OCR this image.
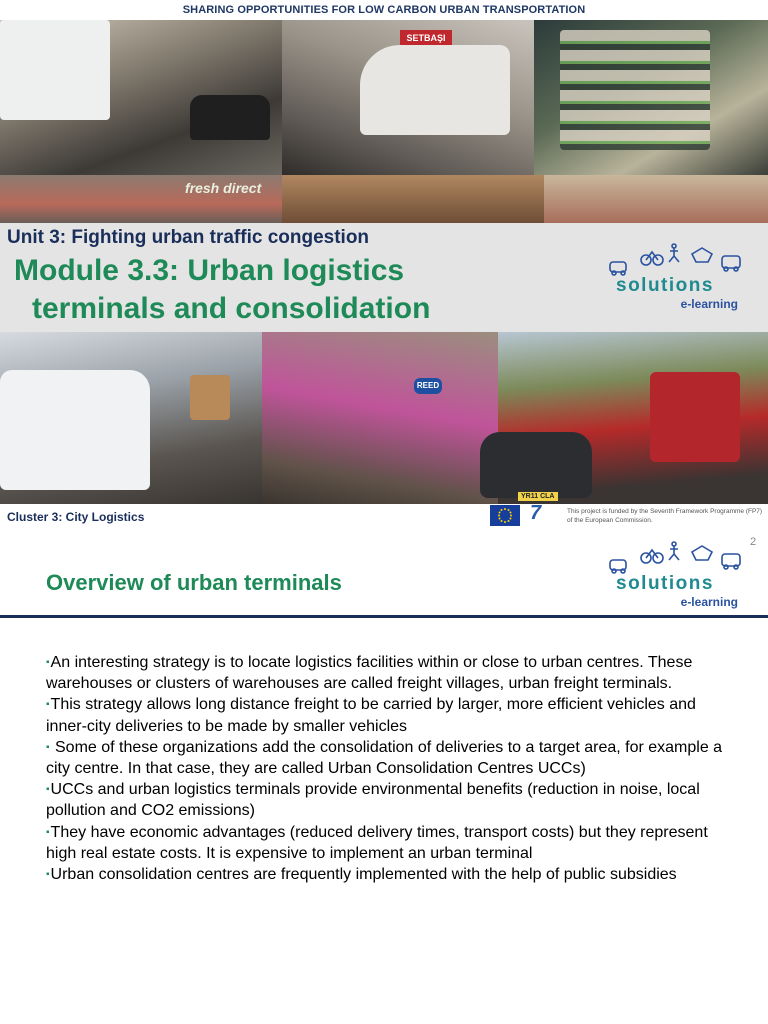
SHARING OPPORTUNITIES FOR LOW CARBON URBAN TRANSPORTATION
SETBAŞI
fresh direct
REED
YR11 CLA
Unit 3: Fighting urban traffic congestion
Module 3.3: Urban logistics
terminals and consolidation
solutions
e-learning
Cluster 3: City Logistics	7	This project is funded by the Seventh Framework Programme (FP7)
of the European Commission.
2
Overview of urban terminals	solutions
e-learning
▪An interesting strategy is to locate logistics facilities within or close to urban centres. These warehouses or clusters of warehouses are called freight villages, urban freight terminals.
▪This strategy allows long distance freight to be carried by larger, more efficient vehicles and inner-city deliveries to be made by smaller vehicles
▪ Some of these organizations add the consolidation of deliveries to a target area, for example a city centre. In that case, they are called Urban Consolidation Centres UCCs)
▪UCCs and urban logistics terminals provide environmental benefits (reduction in noise, local pollution and CO2 emissions)
▪They have economic advantages (reduced delivery times, transport costs) but they represent high real estate costs. It is expensive to implement an urban terminal
▪Urban consolidation centres are frequently implemented with the help of public subsidies
